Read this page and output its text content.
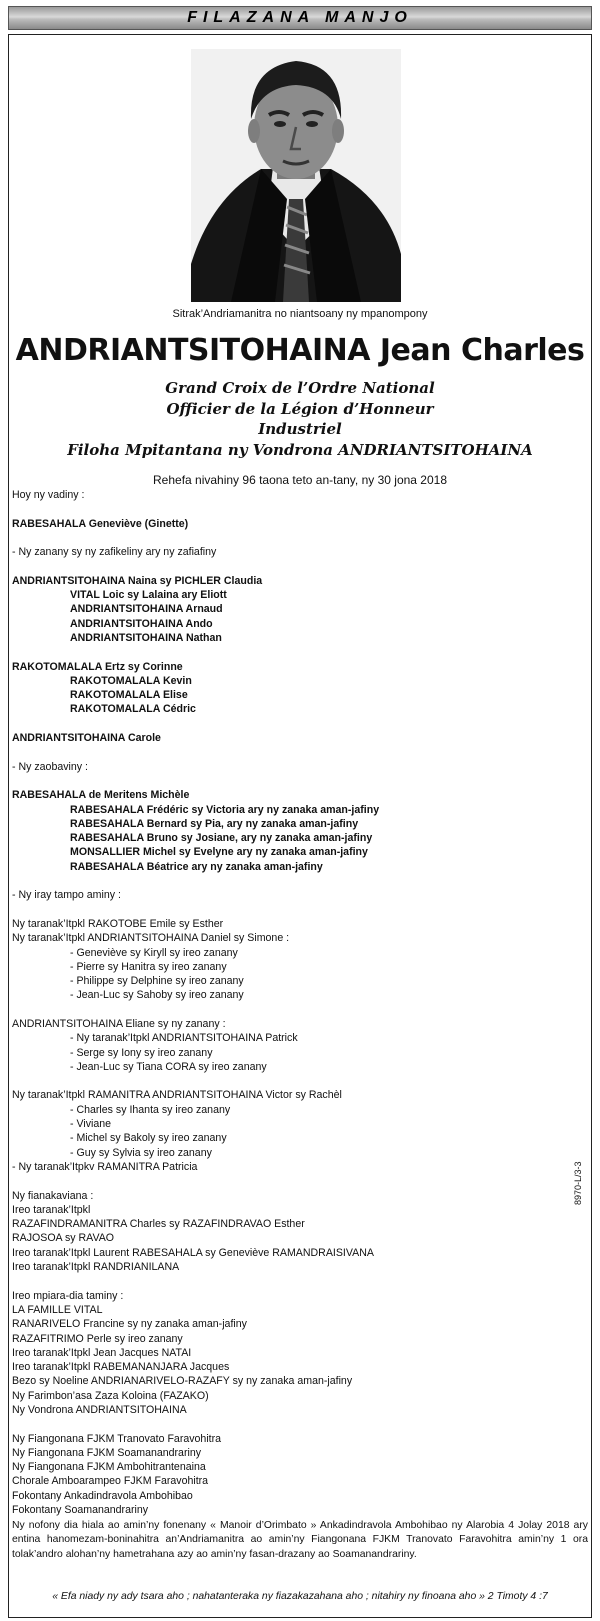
FILAZANA MANJO
Sitrak’Andriamanitra no niantsoany ny mpanompony
ANDRIANTSITOHAINA Jean Charles
Grand Croix de l’Ordre National
Officier de la Légion d’Honneur
Industriel
Filoha Mpitantana ny Vondrona ANDRIANTSITOHAINA
Rehefa nivahiny 96 taona teto an-tany, ny 30 jona 2018
Hoy ny vadiny :
RABESAHALA Geneviève (Ginette)
- Ny zanany sy ny zafikeliny ary ny zafiafiny
ANDRIANTSITOHAINA Naina sy PICHLER Claudia
VITAL Loic sy Lalaina ary Eliott
ANDRIANTSITOHAINA Arnaud
ANDRIANTSITOHAINA Ando
ANDRIANTSITOHAINA Nathan
RAKOTOMALALA Ertz sy Corinne
RAKOTOMALALA Kevin
RAKOTOMALALA Elise
RAKOTOMALALA Cédric
ANDRIANTSITOHAINA Carole
- Ny zaobaviny :
RABESAHALA de Meritens Michèle
RABESAHALA Frédéric sy Victoria ary ny zanaka aman-jafiny
RABESAHALA Bernard sy Pia, ary ny zanaka aman-jafiny
RABESAHALA Bruno sy Josiane, ary ny zanaka aman-jafiny
MONSALLIER Michel sy Evelyne ary ny zanaka aman-jafiny
RABESAHALA Béatrice ary ny zanaka aman-jafiny
- Ny iray tampo aminy :
Ny taranak’Itpkl RAKOTOBE Emile sy Esther
Ny taranak’Itpkl ANDRIANTSITOHAINA Daniel sy Simone :
- Geneviève sy Kiryll sy ireo zanany
- Pierre sy Hanitra sy ireo zanany
- Philippe sy Delphine sy ireo zanany
- Jean-Luc sy Sahoby sy ireo zanany
ANDRIANTSITOHAINA Eliane sy ny zanany :
- Ny taranak’Itpkl ANDRIANTSITOHAINA Patrick
- Serge sy Iony sy ireo zanany
- Jean-Luc sy Tiana CORA sy ireo zanany
Ny taranak’Itpkl RAMANITRA ANDRIANTSITOHAINA Victor sy Rachèl
- Charles sy Ihanta sy ireo zanany
- Viviane
- Michel sy Bakoly sy ireo zanany
- Guy sy Sylvia sy ireo zanany
- Ny taranak’Itpkv RAMANITRA Patricia
Ny fianakaviana :
Ireo taranak’Itpkl
RAZAFINDRAMANITRA Charles sy RAZAFINDRAVAO Esther
RAJOSOA sy RAVAO
Ireo taranak’Itpkl Laurent RABESAHALA sy Geneviève RAMANDRAISIVANA
Ireo taranak’Itpkl RANDRIANILANA
Ireo mpiara-dia taminy :
LA FAMILLE VITAL
RANARIVELO Francine sy ny zanaka aman-jafiny
RAZAFITRIMO Perle sy ireo zanany
Ireo taranak’Itpkl Jean Jacques NATAI
Ireo taranak’Itpkl RABEMANANJARA Jacques
Bezo sy Noeline ANDRIANARIVELO-RAZAFY sy ny zanaka aman-jafiny
Ny Farimbon’asa Zaza Koloina (FAZAKO)
Ny Vondrona ANDRIANTSITOHAINA
Ny Fiangonana FJKM Tranovato Faravohitra
Ny Fiangonana FJKM Soamanandrariny
Ny Fiangonana FJKM Ambohitrantenaina
Chorale Amboarampeo FJKM Faravohitra
Fokontany Ankadindravola Ambohibao
Fokontany Soamanandrariny
8970-L/3-3
Ny nofony dia hiala ao amin’ny fonenany « Manoir d’Orimbato » Ankadindravola Ambohibao ny Alarobia 4 Jolay 2018 ary entina hanomezam-boninahitra an’Andriamanitra ao amin’ny Fiangonana FJKM Tranovato Faravohitra amin’ny 1 ora tolak’andro alohan’ny hametrahana azy ao amin’ny fasan-drazany ao Soamanandrariny.
« Efa niady ny ady tsara aho ; nahatanteraka ny fiazakazahana aho ; nitahiry ny finoana aho » 2 Timoty 4 :7
